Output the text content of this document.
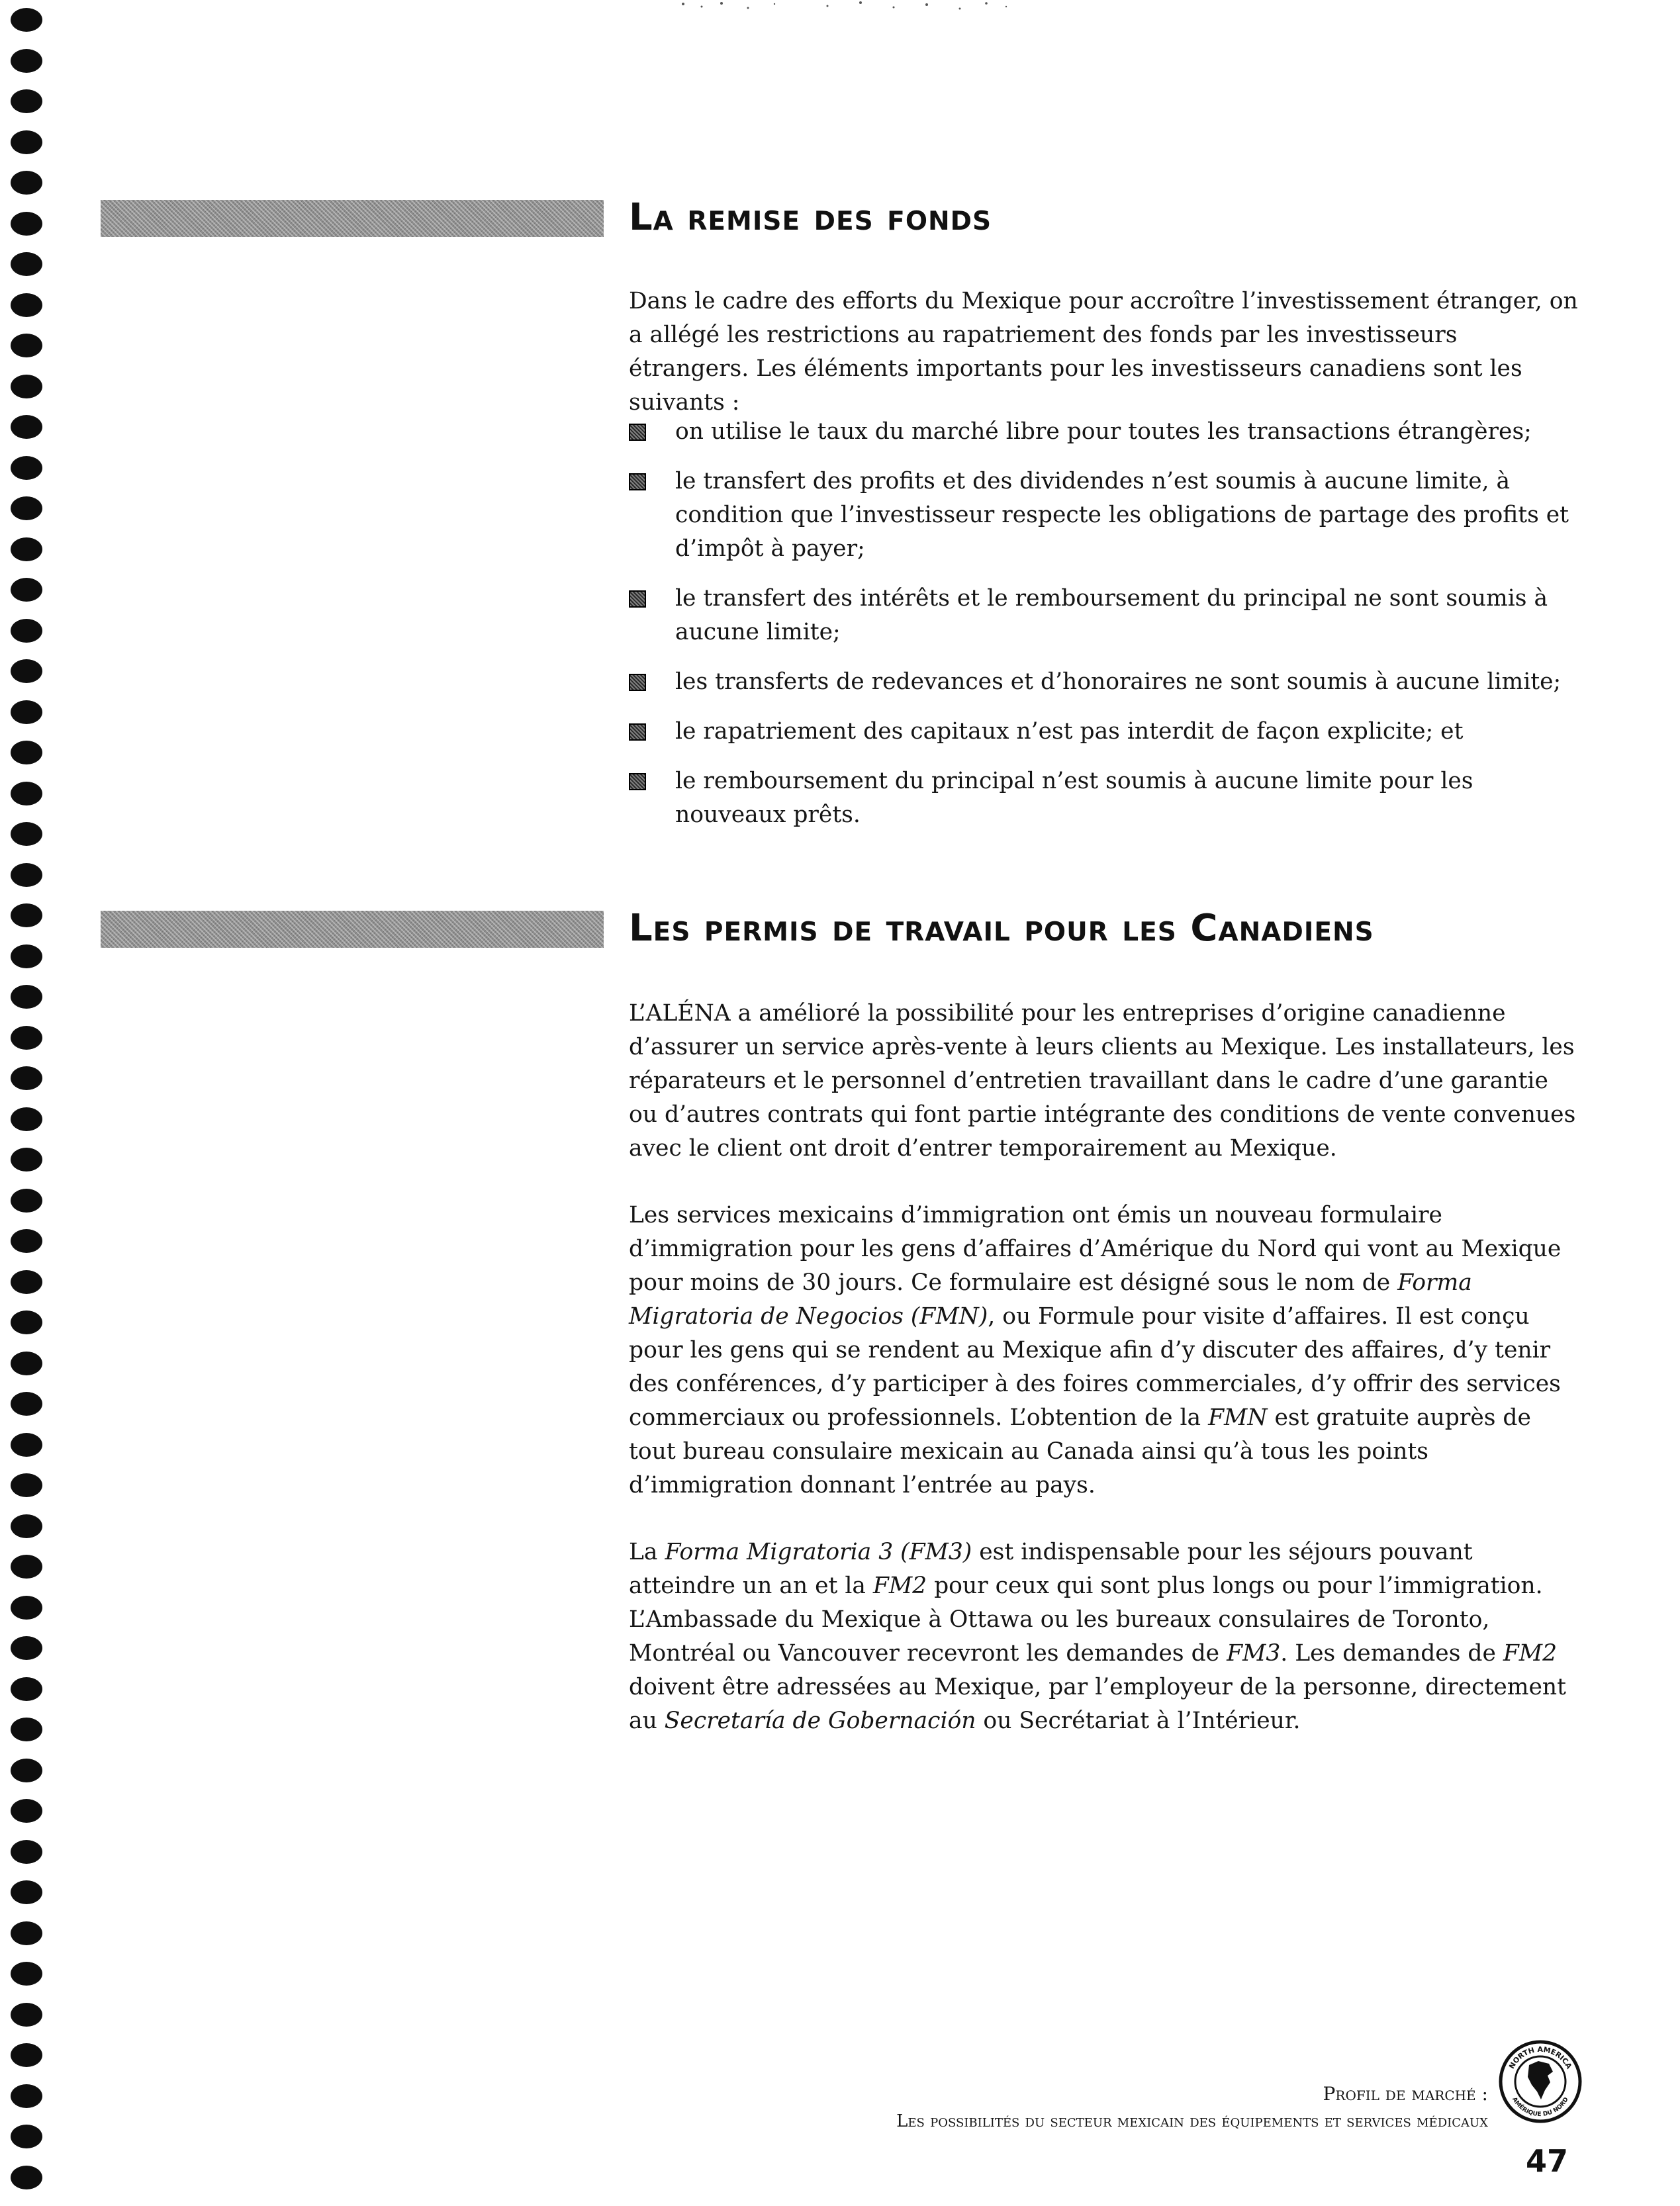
La remise des fonds

Dans le cadre des efforts du Mexique pour accroître l’investissement étranger, on a allégé les restrictions au rapatriement des fonds par les investisseurs étrangers. Les éléments importants pour les investisseurs canadiens sont les suivants :

on utilise le taux du marché libre pour toutes les transactions étrangères;
le transfert des profits et des dividendes n’est soumis à aucune limite, à condition que l’investisseur respecte les obligations de partage des profits et d’impôt à payer;
le transfert des intérêts et le remboursement du principal ne sont soumis à aucune limite;
les transferts de redevances et d’honoraires ne sont soumis à aucune limite;
le rapatriement des capitaux n’est pas interdit de façon explicite; et
le remboursement du principal n’est soumis à aucune limite pour les nouveaux prêts.
Les permis de travail pour les Canadiens

L’ALÉNA a amélioré la possibilité pour les entreprises d’origine canadienne d’assurer un service après-vente à leurs clients au Mexique. Les installateurs, les réparateurs et le personnel d’entretien travaillant dans le cadre d’une garantie ou d’autres contrats qui font partie intégrante des conditions de vente convenues avec le client ont droit d’entrer temporairement au Mexique.

Les services mexicains d’immigration ont émis un nouveau formulaire d’immigration pour les gens d’affaires d’Amérique du Nord qui vont au Mexique pour moins de 30 jours. Ce formulaire est désigné sous le nom de Forma Migratoria de Negocios (FMN), ou Formule pour visite d’affaires. Il est conçu pour les gens qui se rendent au Mexique afin d’y discuter des affaires, d’y tenir des conférences, d’y participer à des foires commerciales, d’y offrir des services commerciaux ou professionnels. L’obtention de la FMN est gratuite auprès de tout bureau consulaire mexicain au Canada ainsi qu’à tous les points d’immigration donnant l’entrée au pays.

La Forma Migratoria 3 (FM3) est indispensable pour les séjours pouvant atteindre un an et la FM2 pour ceux qui sont plus longs ou pour l’immigration. L’Ambassade du Mexique à Ottawa ou les bureaux consulaires de Toronto, Montréal ou Vancouver recevront les demandes de FM3. Les demandes de FM2 doivent être adressées au Mexique, par l’employeur de la personne, directement au Secretaría de Gobernación ou Secrétariat à l’Intérieur.

Profil de marché :

Les possibilités du secteur mexicain des équipements et services médicaux

NORTH AMERICA
AMÉRIQUE DU NORD

47
